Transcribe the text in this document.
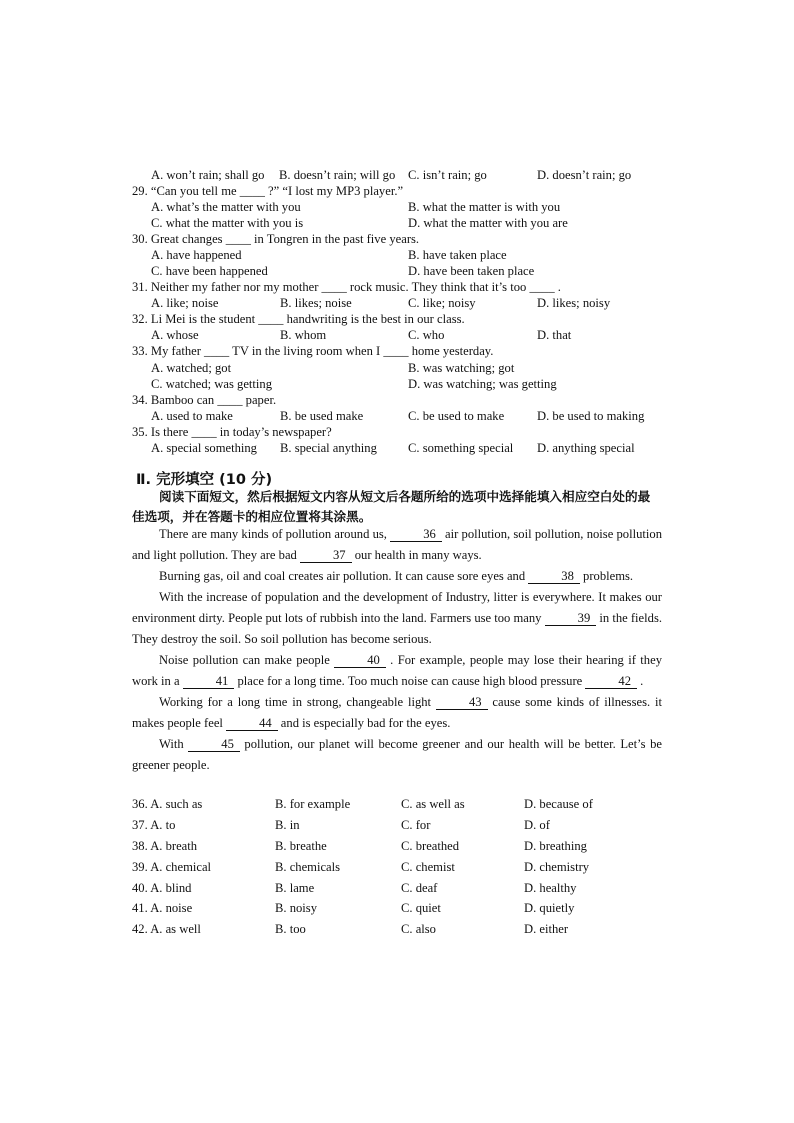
A. won’t rain; shall go B. doesn’t rain; will go C. isn’t rain; go	D. doesn’t rain; go
29. “Can you tell me ____ ?” “I lost my MP3 player.”
A. what’s the matter with you	B. what the matter is with you
C. what the matter with you is	D. what the matter with you are
30. Great changes ____ in Tongren in the past five years.
A. have happened	B. have taken place
C. have been happened	D. have been taken place
31. Neither my father nor my mother ____ rock music. They think that it’s too ____ .
A. like; noise	B. likes; noise	C. like; noisy	D. likes; noisy
32. Li Mei is the student ____ handwriting is the best in our class.
A. whose	B. whom	C. who	D. that
33. My father ____ TV in the living room when I ____ home yesterday.
A. watched; got	B. was watching; got
C. watched; was getting	D. was watching; was getting
34. Bamboo can ____ paper.
A. used to make	B. be used make	C. be used to make	D. be used to making
35. Is there ____ in today’s newspaper?
A. special something B. special anything C. something special D. anything special
Ⅱ. 完形填空 (10 分)
阅读下面短文，然后根据短文内容从短文后各题所给的选项中选择能填入相应空白处的最佳选项，并在答题卡的相应位置将其涂黑。

There are many kinds of pollution around us,	36 air pollution, soil pollution, noise pollution and light pollution. They are bad	37 our health in many ways.

Burning gas, oil and coal creates air pollution. It can cause sore eyes and	38 problems.

With the increase of population and the development of Industry, litter is everywhere. It makes our environment dirty. People put lots of rubbish into the land. Farmers use too many	39 in the fields. They destroy the soil. So soil pollution has become serious.

Noise pollution can make people	40 . For example, people may lose their hearing if they work in a	41 place for a long time. Too much noise can cause high blood pressure	42 .

Working for a long time in strong, changeable light	43 cause some kinds of illnesses. it makes people feel	44 and is especially bad for the eyes.

With	45 pollution, our planet will become greener and our health will be better. Let’s be greener people.

36. A. such as	B. for example	C. as well as	D. because of
37. A. to	B. in	C. for	D. of
38. A. breath	B. breathe	C. breathed	D. breathing
39. A. chemical	B. chemicals	C. chemist	D. chemistry
40. A. blind	B. lame	C. deaf	D. healthy
41. A. noise	B. noisy	C. quiet	D. quietly
42. A. as well	B. too	C. also	D. either
